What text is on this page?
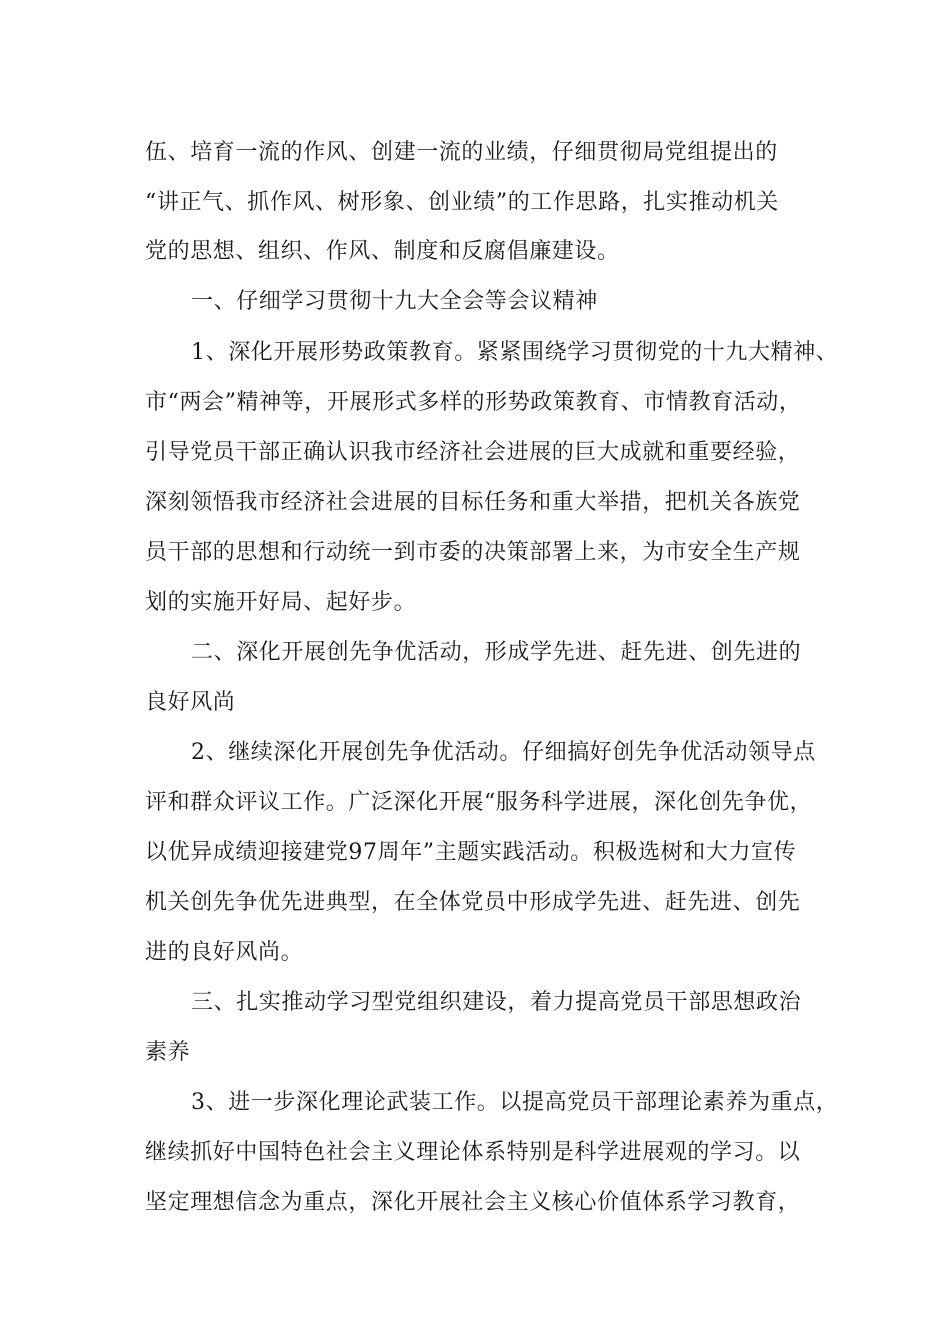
伍、培育一流的作风、创建一流的业绩，仔细贯彻局党组提出的
“讲正气、抓作风、树形象、创业绩”的工作思路，扎实推动机关
党的思想、组织、作风、制度和反腐倡廉建设。
一、仔细学习贯彻十九大全会等会议精神
1、深化开展形势政策教育。紧紧围绕学习贯彻党的十九大精神、
市“两会”精神等，开展形式多样的形势政策教育、市情教育活动，
引导党员干部正确认识我市经济社会进展的巨大成就和重要经验，
深刻领悟我市经济社会进展的目标任务和重大举措，把机关各族党
员干部的思想和行动统一到市委的决策部署上来，为市安全生产规
划的实施开好局、起好步。
二、深化开展创先争优活动，形成学先进、赶先进、创先进的
良好风尚
2、继续深化开展创先争优活动。仔细搞好创先争优活动领导点
评和群众评议工作。广泛深化开展“服务科学进展，深化创先争优，
以优异成绩迎接建党97周年”主题实践活动。积极选树和大力宣传
机关创先争优先进典型，在全体党员中形成学先进、赶先进、创先
进的良好风尚。
三、扎实推动学习型党组织建设，着力提高党员干部思想政治
素养
3、进一步深化理论武装工作。以提高党员干部理论素养为重点，
继续抓好中国特色社会主义理论体系特别是科学进展观的学习。以
坚定理想信念为重点，深化开展社会主义核心价值体系学习教育，
